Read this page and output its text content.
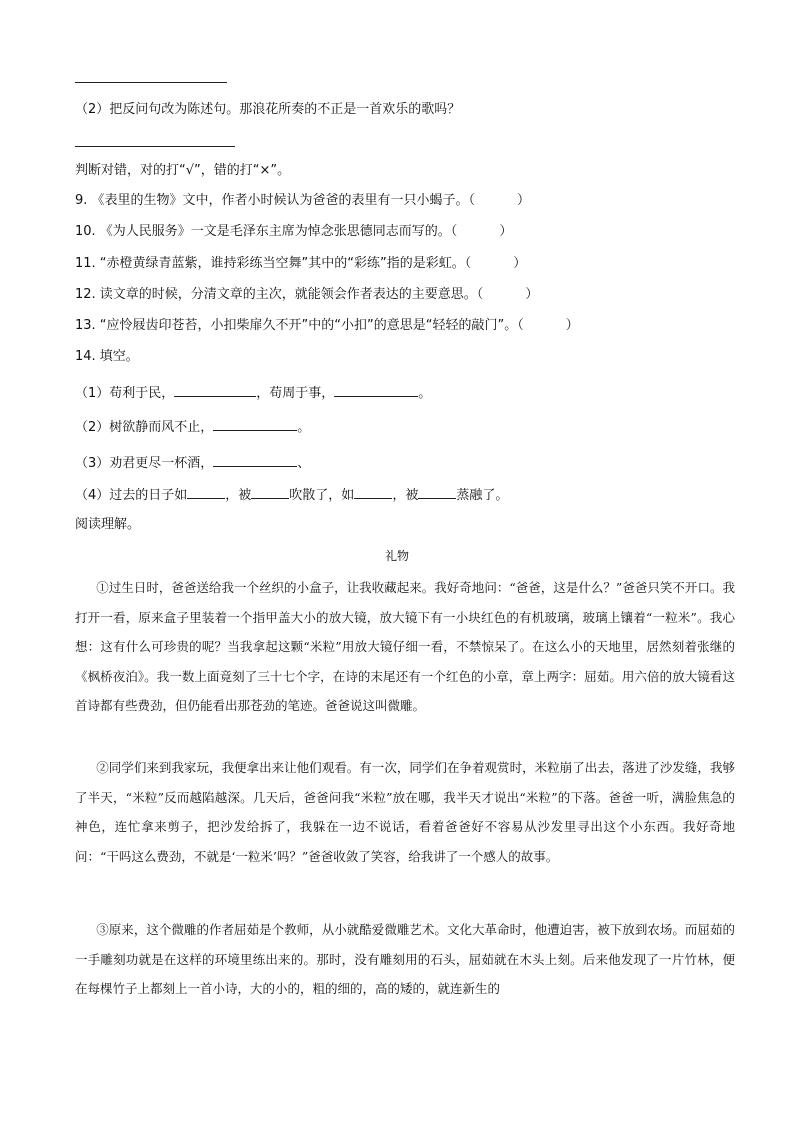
（2）把反问句改为陈述句。那浪花所奏的不正是一首欢乐的歌吗？
判断对错，对的打“√”，错的打“×”。
9. 《表里的生物》文中，作者小时候认为爸爸的表里有一只小蝎子。（	）
10. 《为人民服务》一文是毛泽东主席为悼念张思德同志而写的。（	）
11. “赤橙黄绿青蓝紫，谁持彩练当空舞”其中的“彩练”指的是彩虹。（	）
12. 读文章的时候，分清文章的主次，就能领会作者表达的主要意思。（	）
13. “应怜屐齿印苍苔，小扣柴扉久不开”中的“小扣”的意思是“轻轻的敲门”。（	）
14. 填空。
（1）苟利于民，	，苟周于事，	。
（2）树欲静而风不止，	。
（3）劝君更尽一杯酒，	、
（4）过去的日子如	，被	吹散了，如	，被	蒸融了。
阅读理解。
礼物
①过生日时，爸爸送给我一个丝织的小盒子，让我收藏起来。我好奇地问：“爸爸，这是什么？”爸爸只笑不开口。我打开一看，原来盒子里装着一个指甲盖大小的放大镜，放大镜下有一小块红色的有机玻璃，玻璃上镶着“一粒米”。我心想：这有什么可珍贵的呢？当我拿起这颗“米粒”用放大镜仔细一看，不禁惊呆了。在这么小的天地里，居然刻着张继的《枫桥夜泊》。我一数上面竟刻了三十七个字，在诗的末尾还有一个红色的小章，章上两字：屈茹。用六倍的放大镜看这首诗都有些费劲，但仍能看出那苍劲的笔迹。爸爸说这叫微雕。
②同学们来到我家玩，我便拿出来让他们观看。有一次，同学们在争着观赏时，米粒崩了出去，落进了沙发缝，我够了半天，“米粒”反而越陷越深。几天后，爸爸问我“米粒”放在哪，我半天才说出“米粒”的下落。爸爸一听，满脸焦急的神色，连忙拿来剪子，把沙发给拆了，我躲在一边不说话，看着爸爸好不容易从沙发里寻出这个小东西。我好奇地问：“干吗这么费劲，不就是‘一粒米’吗？”爸爸收敛了笑容，给我讲了一个感人的故事。
③原来，这个微雕的作者屈茹是个教师，从小就酷爱微雕艺术。文化大革命时，他遭迫害，被下放到农场。而屈茹的一手雕刻功就是在这样的环境里练出来的。那时，没有雕刻用的石头，屈茹就在木头上刻。后来他发现了一片竹林，便在每棵竹子上都刻上一首小诗，大的小的，粗的细的，高的矮的，就连新生的
